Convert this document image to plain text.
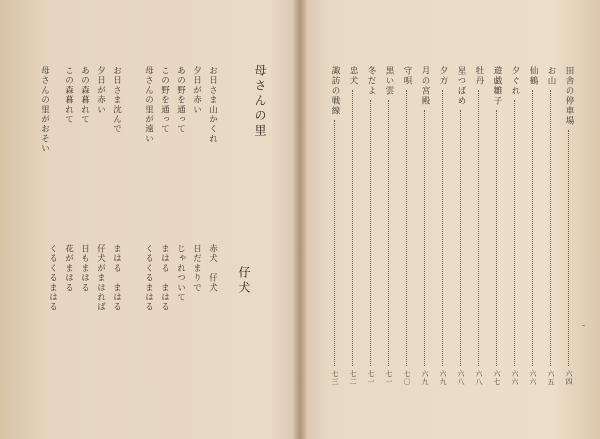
母さんの里
お日さま山かくれ
夕日が赤い
あの野を通って
この野を通って
母さんの里が遠い
お日さま沈んで
夕日が赤い
あの森暮れて
この森暮れて
母さんの里がおそい
仔犬
赤犬　仔犬
日だまりで
じゃれついて
まはる　まはる
くるくるまはる
まはる　まはる
仔犬がまはれば
日もまはる
花がまはる
くるくるまはる
田舎の停車場
六四
お山
六五
仙鶴
六六
夕ぐれ
六六
遊戯雛子
六七
牡丹
六八
星つばめ
六八
夕方
六九
月の宮殿
六九
守唄
七〇
黒い雲
七一
冬だよ
七一
忠犬
七二
諏訪の戦線
七三
